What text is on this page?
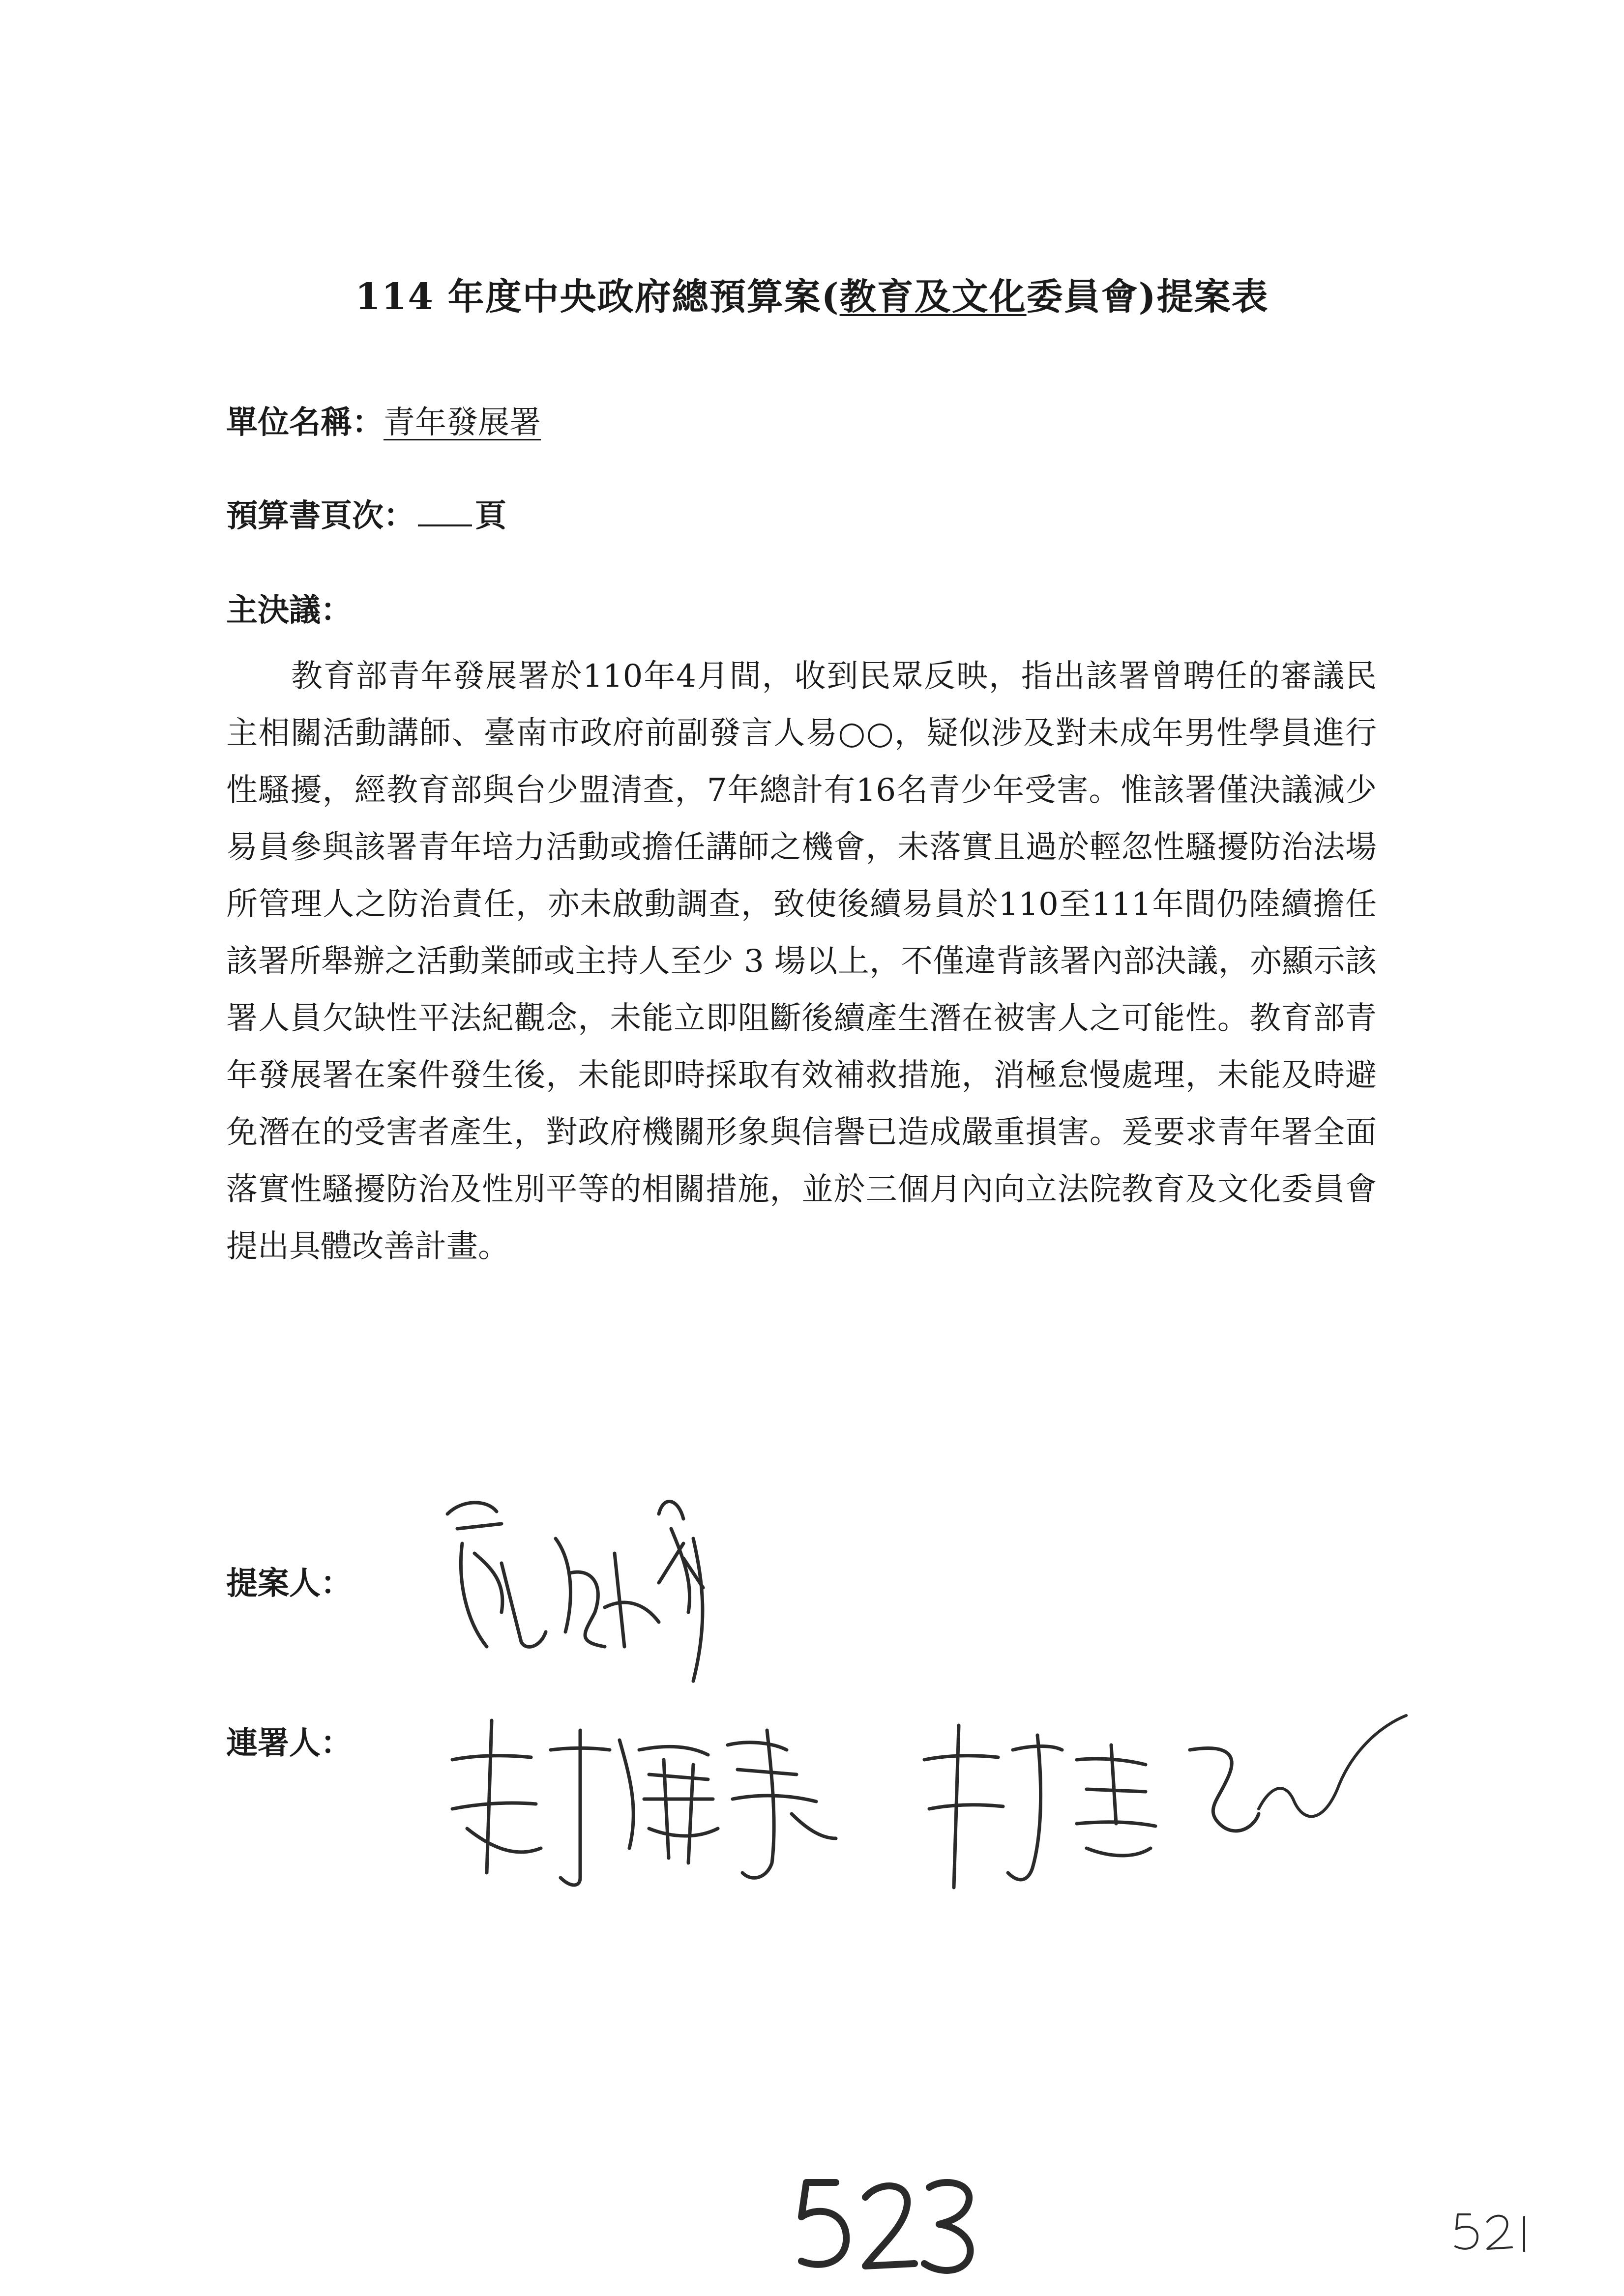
114 年度中央政府總預算案(教育及文化委員會)提案表
單位名稱：青年發展署
預算書頁次： 頁
主決議：

教育部青年發展署於110年4月間，收到民眾反映，指出該署曾聘任的審議民主相關活動講師、臺南市政府前副發言人易○○，疑似涉及對未成年男性學員進行性騷擾，經教育部與台少盟清查，7年總計有16名青少年受害。惟該署僅決議減少易員參與該署青年培力活動或擔任講師之機會，未落實且過於輕忽性騷擾防治法場所管理人之防治責任，亦未啟動調查，致使後續易員於110至111年間仍陸續擔任該署所舉辦之活動業師或主持人至少 3 場以上，不僅違背該署內部決議，亦顯示該署人員欠缺性平法紀觀念，未能立即阻斷後續產生潛在被害人之可能性。教育部青年發展署在案件發生後，未能即時採取有效補救措施，消極怠慢處理，未能及時避免潛在的受害者產生，對政府機關形象與信譽已造成嚴重損害。爰要求青年署全面落實性騷擾防治及性別平等的相關措施，並於三個月內向立法院教育及文化委員會提出具體改善計畫。

提案人：
連署人：
523
521
